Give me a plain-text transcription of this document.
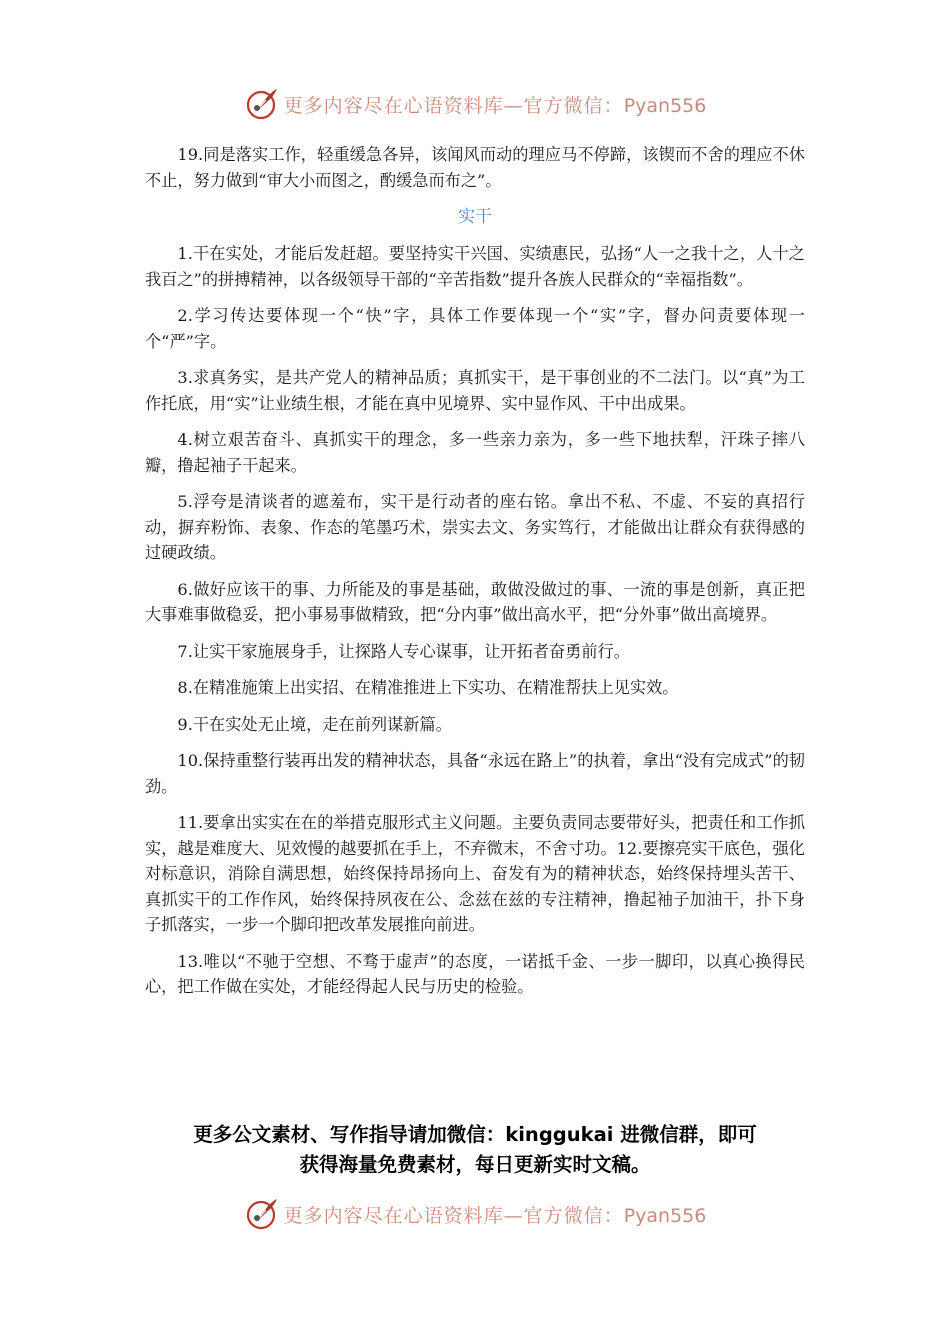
更多内容尽在心语资料库—官方微信：Pyan556

19.同是落实工作，轻重缓急各异，该闻风而动的理应马不停蹄，该锲而不舍的理应不休不止，努力做到“审大小而图之，酌缓急而布之”。

实干

1.干在实处，才能后发赶超。要坚持实干兴国、实绩惠民，弘扬“人一之我十之，人十之我百之”的拼搏精神，以各级领导干部的“辛苦指数”提升各族人民群众的“幸福指数”。

2.学习传达要体现一个“快”字，具体工作要体现一个“实”字，督办问责要体现一个“严”字。

3.求真务实，是共产党人的精神品质；真抓实干，是干事创业的不二法门。以“真”为工作托底，用“实”让业绩生根，才能在真中见境界、实中显作风、干中出成果。

4.树立艰苦奋斗、真抓实干的理念，多一些亲力亲为，多一些下地扶犁，汗珠子摔八瓣，撸起袖子干起来。

5.浮夸是清谈者的遮羞布，实干是行动者的座右铭。拿出不私、不虚、不妄的真招行动，摒弃粉饰、表象、作态的笔墨巧术，崇实去文、务实笃行，才能做出让群众有获得感的过硬政绩。

6.做好应该干的事、力所能及的事是基础，敢做没做过的事、一流的事是创新，真正把大事难事做稳妥，把小事易事做精致，把“分内事”做出高水平，把“分外事”做出高境界。

7.让实干家施展身手，让探路人专心谋事，让开拓者奋勇前行。

8.在精准施策上出实招、在精准推进上下实功、在精准帮扶上见实效。

9.干在实处无止境，走在前列谋新篇。

10.保持重整行装再出发的精神状态，具备“永远在路上”的执着，拿出“没有完成式”的韧劲。

11.要拿出实实在在的举措克服形式主义问题。主要负责同志要带好头，把责任和工作抓实，越是难度大、见效慢的越要抓在手上，不弃微末，不舍寸功。12.要擦亮实干底色，强化对标意识，消除自满思想，始终保持昂扬向上、奋发有为的精神状态，始终保持埋头苦干、真抓实干的工作作风，始终保持夙夜在公、念兹在兹的专注精神，撸起袖子加油干，扑下身子抓落实，一步一个脚印把改革发展推向前进。

13.唯以“不驰于空想、不骛于虚声”的态度，一诺抵千金、一步一脚印，以真心换得民心，把工作做在实处，才能经得起人民与历史的检验。

更多公文素材、写作指导请加微信：kinggukai 进微信群，即可
获得海量免费素材，每日更新实时文稿。
更多内容尽在心语资料库—官方微信：Pyan556
